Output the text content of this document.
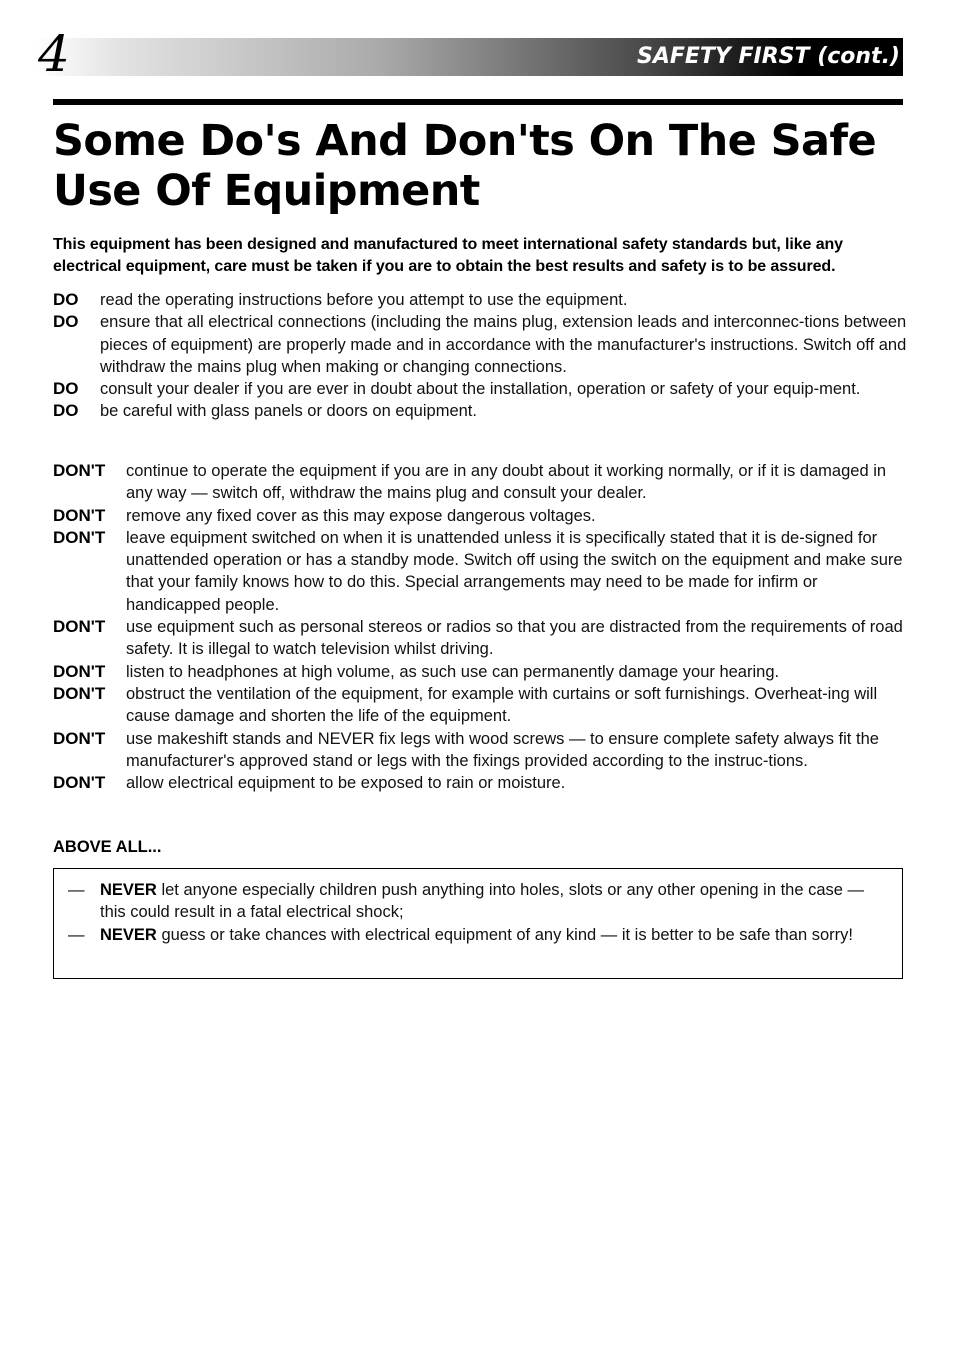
4	SAFETY FIRST (cont.)
Some Do's And Don'ts On The Safe Use Of Equipment

This equipment has been designed and manufactured to meet international safety standards but, like any electrical equipment, care must be taken if you are to obtain the best results and safety is to be assured.

DO	read the operating instructions before you attempt to use the equipment.
DO	ensure that all electrical connections (including the mains plug, extension leads and interconnec-tions between pieces of equipment) are properly made and in accordance with the manufacturer's instructions. Switch off and withdraw the mains plug when making or changing connections.
DO	consult your dealer if you are ever in doubt about the installation, operation or safety of your equip-ment.
DO	be careful with glass panels or doors on equipment.
DON'T	continue to operate the equipment if you are in any doubt about it working normally, or if it is damaged in any way — switch off, withdraw the mains plug and consult your dealer.
DON'T	remove any fixed cover as this may expose dangerous voltages.
DON'T	leave equipment switched on when it is unattended unless it is specifically stated that it is de-signed for unattended operation or has a standby mode. Switch off using the switch on the equipment and make sure that your family knows how to do this. Special arrangements may need to be made for infirm or handicapped people.
DON'T	use equipment such as personal stereos or radios so that you are distracted from the requirements of road safety. It is illegal to watch television whilst driving.
DON'T	listen to headphones at high volume, as such use can permanently damage your hearing.
DON'T	obstruct the ventilation of the equipment, for example with curtains or soft furnishings. Overheat-ing will cause damage and shorten the life of the equipment.
DON'T	use makeshift stands and NEVER fix legs with wood screws — to ensure complete safety always fit the manufacturer's approved stand or legs with the fixings provided according to the instruc-tions.
DON'T	allow electrical equipment to be exposed to rain or moisture.

ABOVE ALL...

— NEVER let anyone especially children push anything into holes, slots or any other opening in the case — this could result in a fatal electrical shock;
— NEVER guess or take chances with electrical equipment of any kind — it is better to be safe than sorry!
